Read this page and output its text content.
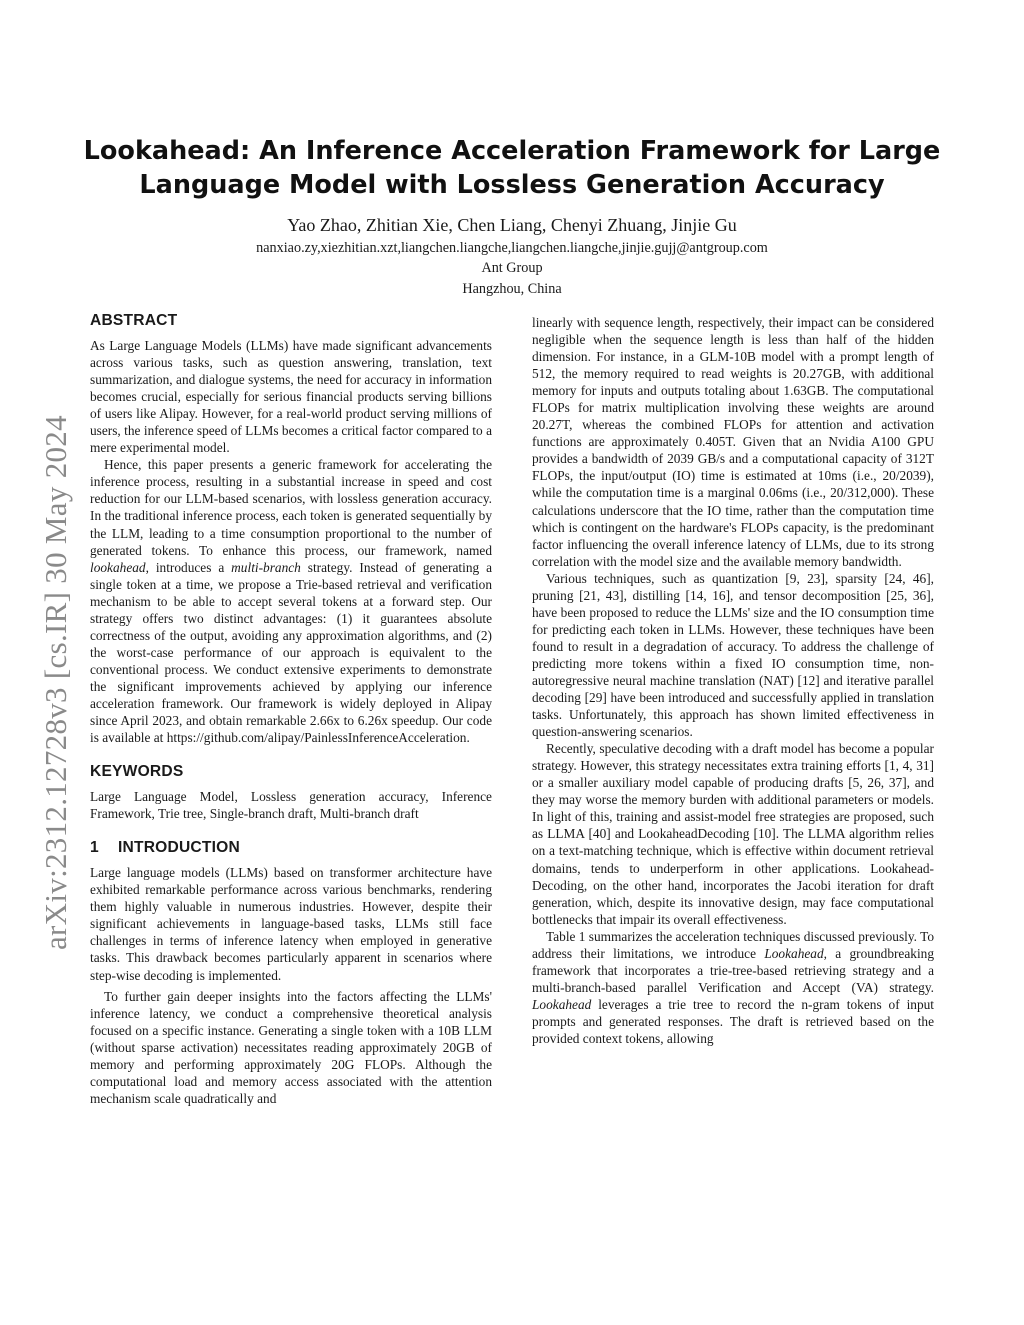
arXiv:2312.12728v3 [cs.IR] 30 May 2024
Lookahead: An Inference Acceleration Framework for Large
Language Model with Lossless Generation Accuracy
Yao Zhao, Zhitian Xie, Chen Liang, Chenyi Zhuang, Jinjie Gu
nanxiao.zy,xiezhitian.xzt,liangchen.liangche,liangchen.liangche,jinjie.gujj@antgroup.com
Ant Group
Hangzhou, China
ABSTRACT

As Large Language Models (LLMs) have made significant advancements across various tasks, such as question answering, translation, text summarization, and dialogue systems, the need for accuracy in information becomes crucial, especially for serious financial products serving billions of users like Alipay. However, for a real-world product serving millions of users, the inference speed of LLMs becomes a critical factor compared to a mere experimental model.

Hence, this paper presents a generic framework for accelerating the inference process, resulting in a substantial increase in speed and cost reduction for our LLM-based scenarios, with lossless generation accuracy. In the traditional inference process, each token is generated sequentially by the LLM, leading to a time consumption proportional to the number of generated tokens. To enhance this process, our framework, named lookahead, introduces a multi-branch strategy. Instead of generating a single token at a time, we propose a Trie-based retrieval and verification mechanism to be able to accept several tokens at a forward step. Our strategy offers two distinct advantages: (1) it guarantees absolute correctness of the output, avoiding any approximation algorithms, and (2) the worst-case performance of our approach is equivalent to the conventional process. We conduct extensive experiments to demonstrate the significant improvements achieved by applying our inference acceleration framework. Our framework is widely deployed in Alipay since April 2023, and obtain remarkable 2.66x to 6.26x speedup. Our code is available at https://github.com/alipay/PainlessInferenceAcceleration.

KEYWORDS

Large Language Model, Lossless generation accuracy, Inference Framework, Trie tree, Single-branch draft, Multi-branch draft

1 INTRODUCTION

Large language models (LLMs) based on transformer architecture have exhibited remarkable performance across various benchmarks, rendering them highly valuable in numerous industries. However, despite their significant achievements in language-based tasks, LLMs still face challenges in terms of inference latency when employed in generative tasks. This drawback becomes particularly apparent in scenarios where step-wise decoding is implemented.

To further gain deeper insights into the factors affecting the LLMs' inference latency, we conduct a comprehensive theoretical analysis focused on a specific instance. Generating a single token with a 10B LLM (without sparse activation) necessitates reading approximately 20GB of memory and performing approximately 20G FLOPs. Although the computational load and memory access associated with the attention mechanism scale quadratically and

linearly with sequence length, respectively, their impact can be considered negligible when the sequence length is less than half of the hidden dimension. For instance, in a GLM-10B model with a prompt length of 512, the memory required to read weights is 20.27GB, with additional memory for inputs and outputs totaling about 1.63GB. The computational FLOPs for matrix multiplication involving these weights are around 20.27T, whereas the combined FLOPs for attention and activation functions are approximately 0.405T. Given that an Nvidia A100 GPU provides a bandwidth of 2039 GB/s and a computational capacity of 312T FLOPs, the input/output (IO) time is estimated at 10ms (i.e., 20/2039), while the computation time is a marginal 0.06ms (i.e., 20/312,000). These calculations underscore that the IO time, rather than the computation time which is contingent on the hardware's FLOPs capacity, is the predominant factor influencing the overall inference latency of LLMs, due to its strong correlation with the model size and the available memory bandwidth.

Various techniques, such as quantization [9, 23], sparsity [24, 46], pruning [21, 43], distilling [14, 16], and tensor decomposition [25, 36], have been proposed to reduce the LLMs' size and the IO consumption time for predicting each token in LLMs. However, these techniques have been found to result in a degradation of accuracy. To address the challenge of predicting more tokens within a fixed IO consumption time, non-autoregressive neural machine translation (NAT) [12] and iterative parallel decoding [29] have been introduced and successfully applied in translation tasks. Unfortunately, this approach has shown limited effectiveness in question-answering scenarios.

Recently, speculative decoding with a draft model has become a popular strategy. However, this strategy necessitates extra training efforts [1, 4, 31] or a smaller auxiliary model capable of producing drafts [5, 26, 37], and they may worse the memory burden with additional parameters or models. In light of this, training and assist-model free strategies are proposed, such as LLMA [40] and LookaheadDecoding [10]. The LLMA algorithm relies on a text-matching technique, which is effective within document retrieval domains, tends to underperform in other applications. Lookahead-Decoding, on the other hand, incorporates the Jacobi iteration for draft generation, which, despite its innovative design, may face computational bottlenecks that impair its overall effectiveness.

Table 1 summarizes the acceleration techniques discussed previously. To address their limitations, we introduce Lookahead, a groundbreaking framework that incorporates a trie-tree-based retrieving strategy and a multi-branch-based parallel Verification and Accept (VA) strategy. Lookahead leverages a trie tree to record the n-gram tokens of input prompts and generated responses. The draft is retrieved based on the provided context tokens, allowing
